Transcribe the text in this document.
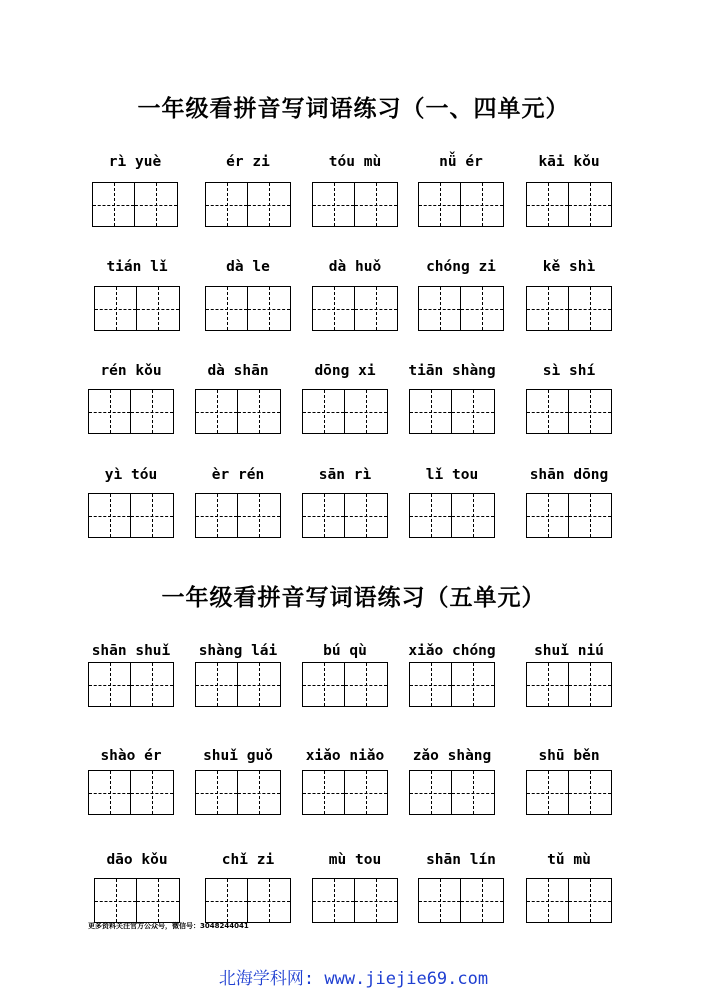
一年级看拼音写词语练习（一、四单元）
一年级看拼音写词语练习（五单元）
rì yuè	ér zi	tóu mù	nǚ ér	kāi kǒu
tián lǐ	dà le	dà huǒ	chóng zi	kě shì
rén kǒu	dà shān	dōng xi	tiān shàng	sì shí
yì tóu	èr rén	sān rì	lǐ tou	shān dōng
shān shuǐ	shàng lái	bú qù	xiǎo chóng	shuǐ niú
shào ér	shuǐ guǒ	xiǎo niǎo	zǎo shàng	shū běn
dāo kǒu	chǐ zi	mù tou	shān lín	tǔ mù
更多资料关注官方公众号，微信号：3048244041
北海学科网: www.jiejie69.com
